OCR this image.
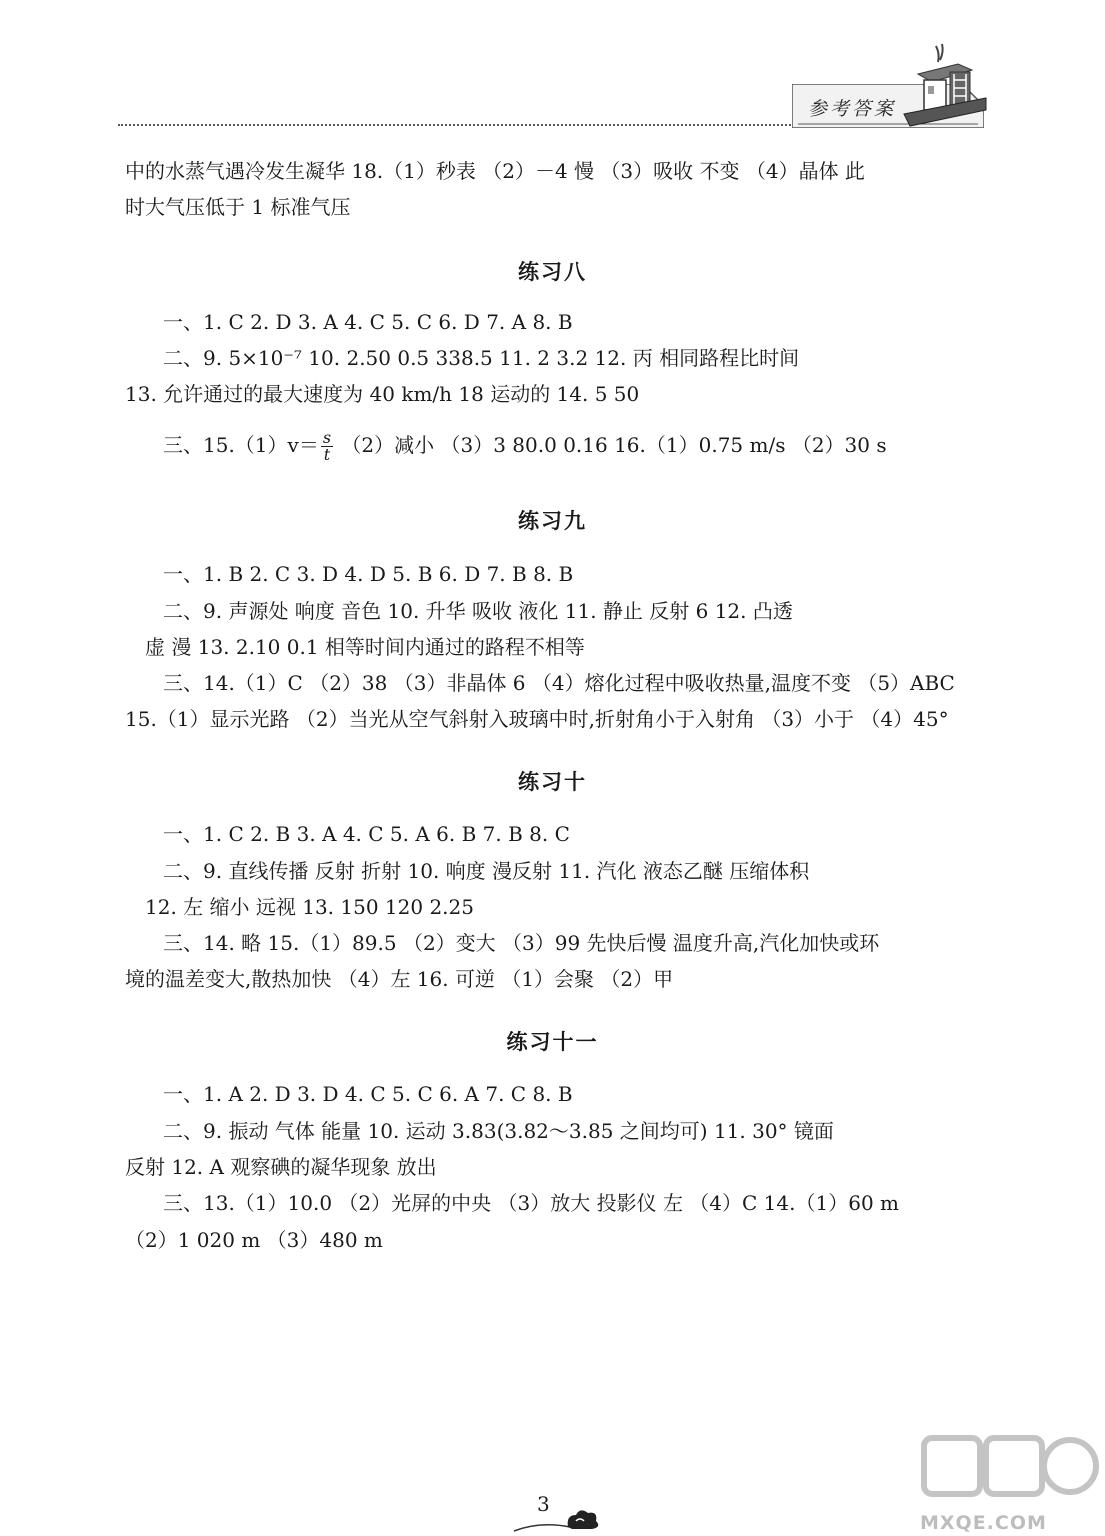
参考答案
中的水蒸气遇冷发生凝华 18.（1）秒表 （2）－4 慢 （3）吸收 不变 （4）晶体 此
时大气压低于 1 标准气压
练习八
一、1. C 2. D 3. A 4. C 5. C 6. D 7. A 8. B
二、9. 5×10⁻⁷ 10. 2.50 0.5 338.5 11. 2 3.2 12. 丙 相同路程比时间
13. 允许通过的最大速度为 40 km/h 18 运动的 14. 5 50
三、$15.(1)v= \frac{s}{t} (2)$减小 （3）3 80.0 0.16 16.（1）0.75 m/s （2）30 s
练习九
一、1. B 2. C 3. D 4. D 5. B 6. D 7. B 8. B
二、9. 声源处 响度 音色 10. 升华 吸收 液化 11. 静止 反射 6 12. 凸透
虚 漫 13. 2.10 0.1 相等时间内通过的路程不相等
三、14.（1）C （2）38 （3）非晶体 6 （4）熔化过程中吸收热量,温度不变 （5）ABC
15.（1）显示光路 （2）当光从空气斜射入玻璃中时,折射角小于入射角 （3）小于 （4）45°
练习十
一、1. C 2. B 3. A 4. C 5. A 6. B 7. B 8. C
二、9. 直线传播 反射 折射 10. 响度 漫反射 11. 汽化 液态乙醚 压缩体积
12. 左 缩小 远视 13. 150 120 2.25
三、14. 略 15.（1）89.5 （2）变大 （3）99 先快后慢 温度升高,汽化加快或环
境的温差变大,散热加快 （4）左 16. 可逆 （1）会聚 （2）甲
练习十一
一、1. A 2. D 3. D 4. C 5. C 6. A 7. C 8. B
二、9. 振动 气体 能量 10. 运动 3.83(3.82～3.85 之间均可) 11. 30° 镜面
反射 12. A 观察碘的凝华现象 放出
三、13.（1）10.0 （2）光屏的中央 （3）放大 投影仪 左 （4）C 14.（1）60 m
（2）1 020 m （3）480 m
3
MXQE.COM
